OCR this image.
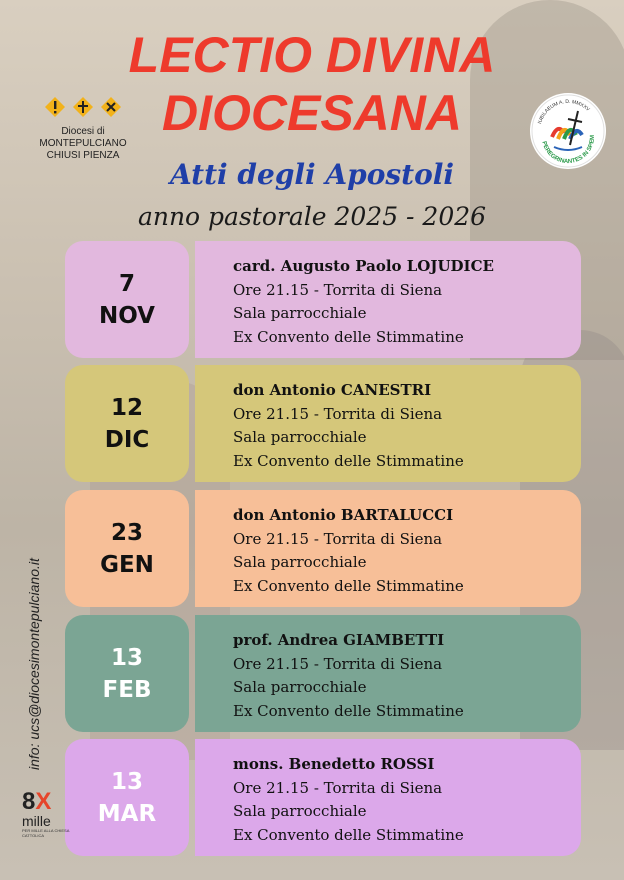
LECTIO DIVINA
DIOCESANA
Atti degli Apostoli
anno pastorale 2025 - 2026
Diocesi di
MONTEPULCIANO
CHIUSI PIENZA
IUBILAEUM A. D. MMXXV
PEREGRINANTES IN SPEM
7
NOV
card. Augusto Paolo LOJUDICE
Ore 21.15 - Torrita di Siena
Sala parrocchiale
Ex Convento delle Stimmatine
12
DIC
don Antonio CANESTRI
Ore 21.15 - Torrita di Siena
Sala parrocchiale
Ex Convento delle Stimmatine
23
GEN
don Antonio BARTALUCCI
Ore 21.15 - Torrita di Siena
Sala parrocchiale
Ex Convento delle Stimmatine
13
FEB
prof. Andrea GIAMBETTI
Ore 21.15 - Torrita di Siena
Sala parrocchiale
Ex Convento delle Stimmatine
13
MAR
mons. Benedetto ROSSI
Ore 21.15 - Torrita di Siena
Sala parrocchiale
Ex Convento delle Stimmatine
info: ucs@diocesimontepulciano.it
8X
mille
PER MILLE ALLA CHIESA CATTOLICA
